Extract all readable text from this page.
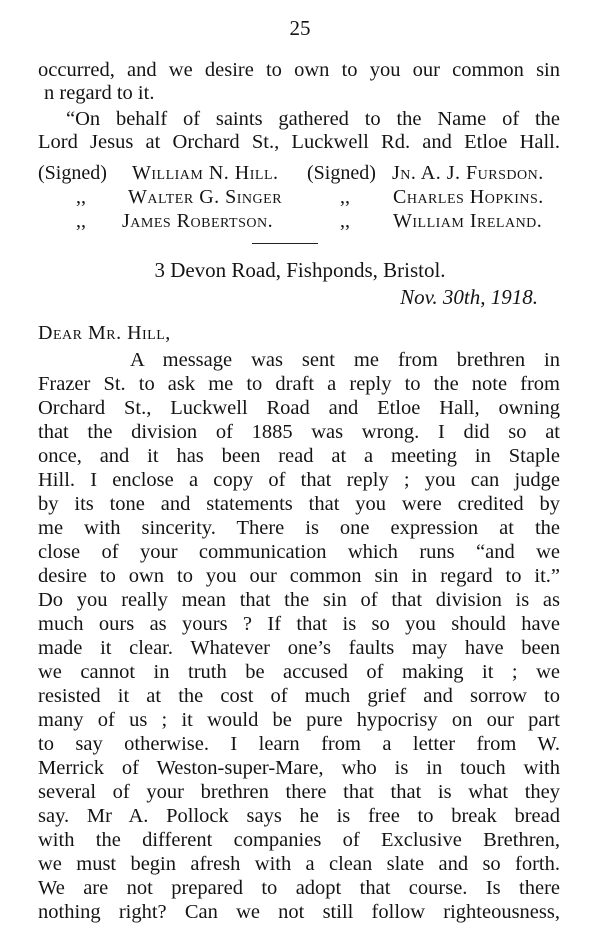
25
occurred, and we desire to own to you our common sin
n regard to it.
“On behalf of saints gathered to the Name of the
Lord Jesus at Orchard St., Luckwell Rd. and Etloe Hall.
(Signed) William N. Hill. (Signed) Jn. A. J. Fursdon.
,, Walter G. Singer	,, Charles Hopkins.
,, James Robertson.	,, William Ireland.
3 Devon Road, Fishponds, Bristol.
Nov. 30th, 1918.
Dear Mr. Hill,
A message was sent me from brethren in
Frazer St. to ask me to draft a reply to the note from
Orchard St., Luckwell Road and Etloe Hall, owning
that the division of 1885 was wrong. I did so at
once, and it has been read at a meeting in Staple
Hill. I enclose a copy of that reply ; you can judge
by its tone and statements that you were credited by
me with sincerity. There is one expression at the
close of your communication which runs “and we
desire to own to you our common sin in regard to it.”
Do you really mean that the sin of that division is as
much ours as yours ? If that is so you should have
made it clear. Whatever one’s faults may have been
we cannot in truth be accused of making it ; we
resisted it at the cost of much grief and sorrow to
many of us ; it would be pure hypocrisy on our part
to say otherwise. I learn from a letter from W.
Merrick of Weston-super-Mare, who is in touch with
several of your brethren there that that is what they
say. Mr A. Pollock says he is free to break bread
with the different companies of Exclusive Brethren,
we must begin afresh with a clean slate and so forth.
We are not prepared to adopt that course. Is there
nothing right? Can we not still follow righteousness,
